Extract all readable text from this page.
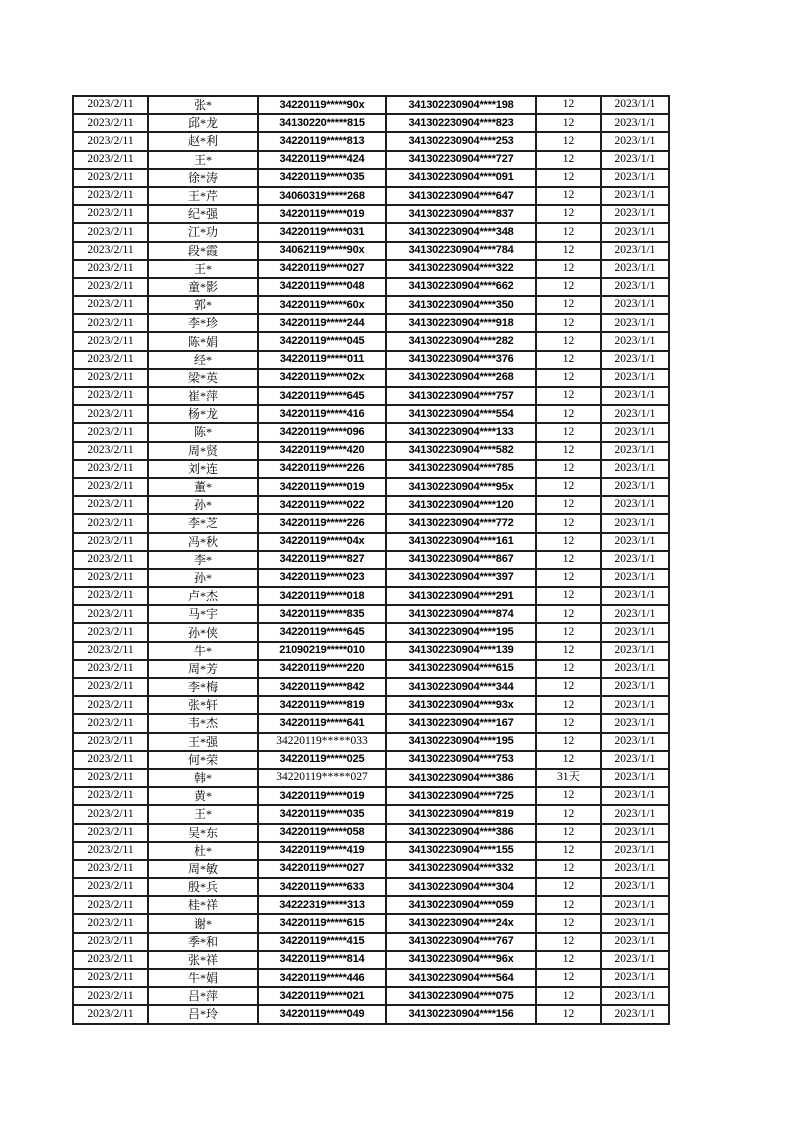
2023/2/11	张*	34220119*****90x	341302230904****198	12	2023/1/1
2023/2/11	邱*龙	34130220*****815	341302230904****823	12	2023/1/1
2023/2/11	赵*利	34220119*****813	341302230904****253	12	2023/1/1
2023/2/11	王*	34220119*****424	341302230904****727	12	2023/1/1
2023/2/11	徐*涛	34220119*****035	341302230904****091	12	2023/1/1
2023/2/11	王*芹	34060319*****268	341302230904****647	12	2023/1/1
2023/2/11	纪*强	34220119*****019	341302230904****837	12	2023/1/1
2023/2/11	江*功	34220119*****031	341302230904****348	12	2023/1/1
2023/2/11	段*霞	34062119*****90x	341302230904****784	12	2023/1/1
2023/2/11	王*	34220119*****027	341302230904****322	12	2023/1/1
2023/2/11	童*影	34220119*****048	341302230904****662	12	2023/1/1
2023/2/11	郭*	34220119*****60x	341302230904****350	12	2023/1/1
2023/2/11	李*珍	34220119*****244	341302230904****918	12	2023/1/1
2023/2/11	陈*娟	34220119*****045	341302230904****282	12	2023/1/1
2023/2/11	经*	34220119*****011	341302230904****376	12	2023/1/1
2023/2/11	梁*英	34220119*****02x	341302230904****268	12	2023/1/1
2023/2/11	崔*萍	34220119*****645	341302230904****757	12	2023/1/1
2023/2/11	杨*龙	34220119*****416	341302230904****554	12	2023/1/1
2023/2/11	陈*	34220119*****096	341302230904****133	12	2023/1/1
2023/2/11	周*贤	34220119*****420	341302230904****582	12	2023/1/1
2023/2/11	刘*连	34220119*****226	341302230904****785	12	2023/1/1
2023/2/11	董*	34220119*****019	341302230904****95x	12	2023/1/1
2023/2/11	孙*	34220119*****022	341302230904****120	12	2023/1/1
2023/2/11	李*芝	34220119*****226	341302230904****772	12	2023/1/1
2023/2/11	冯*秋	34220119*****04x	341302230904****161	12	2023/1/1
2023/2/11	李*	34220119*****827	341302230904****867	12	2023/1/1
2023/2/11	孙*	34220119*****023	341302230904****397	12	2023/1/1
2023/2/11	卢*杰	34220119*****018	341302230904****291	12	2023/1/1
2023/2/11	马*宇	34220119*****835	341302230904****874	12	2023/1/1
2023/2/11	孙*侠	34220119*****645	341302230904****195	12	2023/1/1
2023/2/11	牛*	21090219*****010	341302230904****139	12	2023/1/1
2023/2/11	周*芳	34220119*****220	341302230904****615	12	2023/1/1
2023/2/11	李*梅	34220119*****842	341302230904****344	12	2023/1/1
2023/2/11	张*轩	34220119*****819	341302230904****93x	12	2023/1/1
2023/2/11	韦*杰	34220119*****641	341302230904****167	12	2023/1/1
2023/2/11	王*强	34220119*****033	341302230904****195	12	2023/1/1
2023/2/11	何*荣	34220119*****025	341302230904****753	12	2023/1/1
2023/2/11	韩*	34220119*****027	341302230904****386	31天	2023/1/1
2023/2/11	黄*	34220119*****019	341302230904****725	12	2023/1/1
2023/2/11	王*	34220119*****035	341302230904****819	12	2023/1/1
2023/2/11	吴*东	34220119*****058	341302230904****386	12	2023/1/1
2023/2/11	杜*	34220119*****419	341302230904****155	12	2023/1/1
2023/2/11	周*敏	34220119*****027	341302230904****332	12	2023/1/1
2023/2/11	殷*兵	34220119*****633	341302230904****304	12	2023/1/1
2023/2/11	桂*祥	34222319*****313	341302230904****059	12	2023/1/1
2023/2/11	谢*	34220119*****615	341302230904****24x	12	2023/1/1
2023/2/11	季*和	34220119*****415	341302230904****767	12	2023/1/1
2023/2/11	张*祥	34220119*****814	341302230904****96x	12	2023/1/1
2023/2/11	牛*娟	34220119*****446	341302230904****564	12	2023/1/1
2023/2/11	吕*萍	34220119*****021	341302230904****075	12	2023/1/1
2023/2/11	吕*玲	34220119*****049	341302230904****156	12	2023/1/1
